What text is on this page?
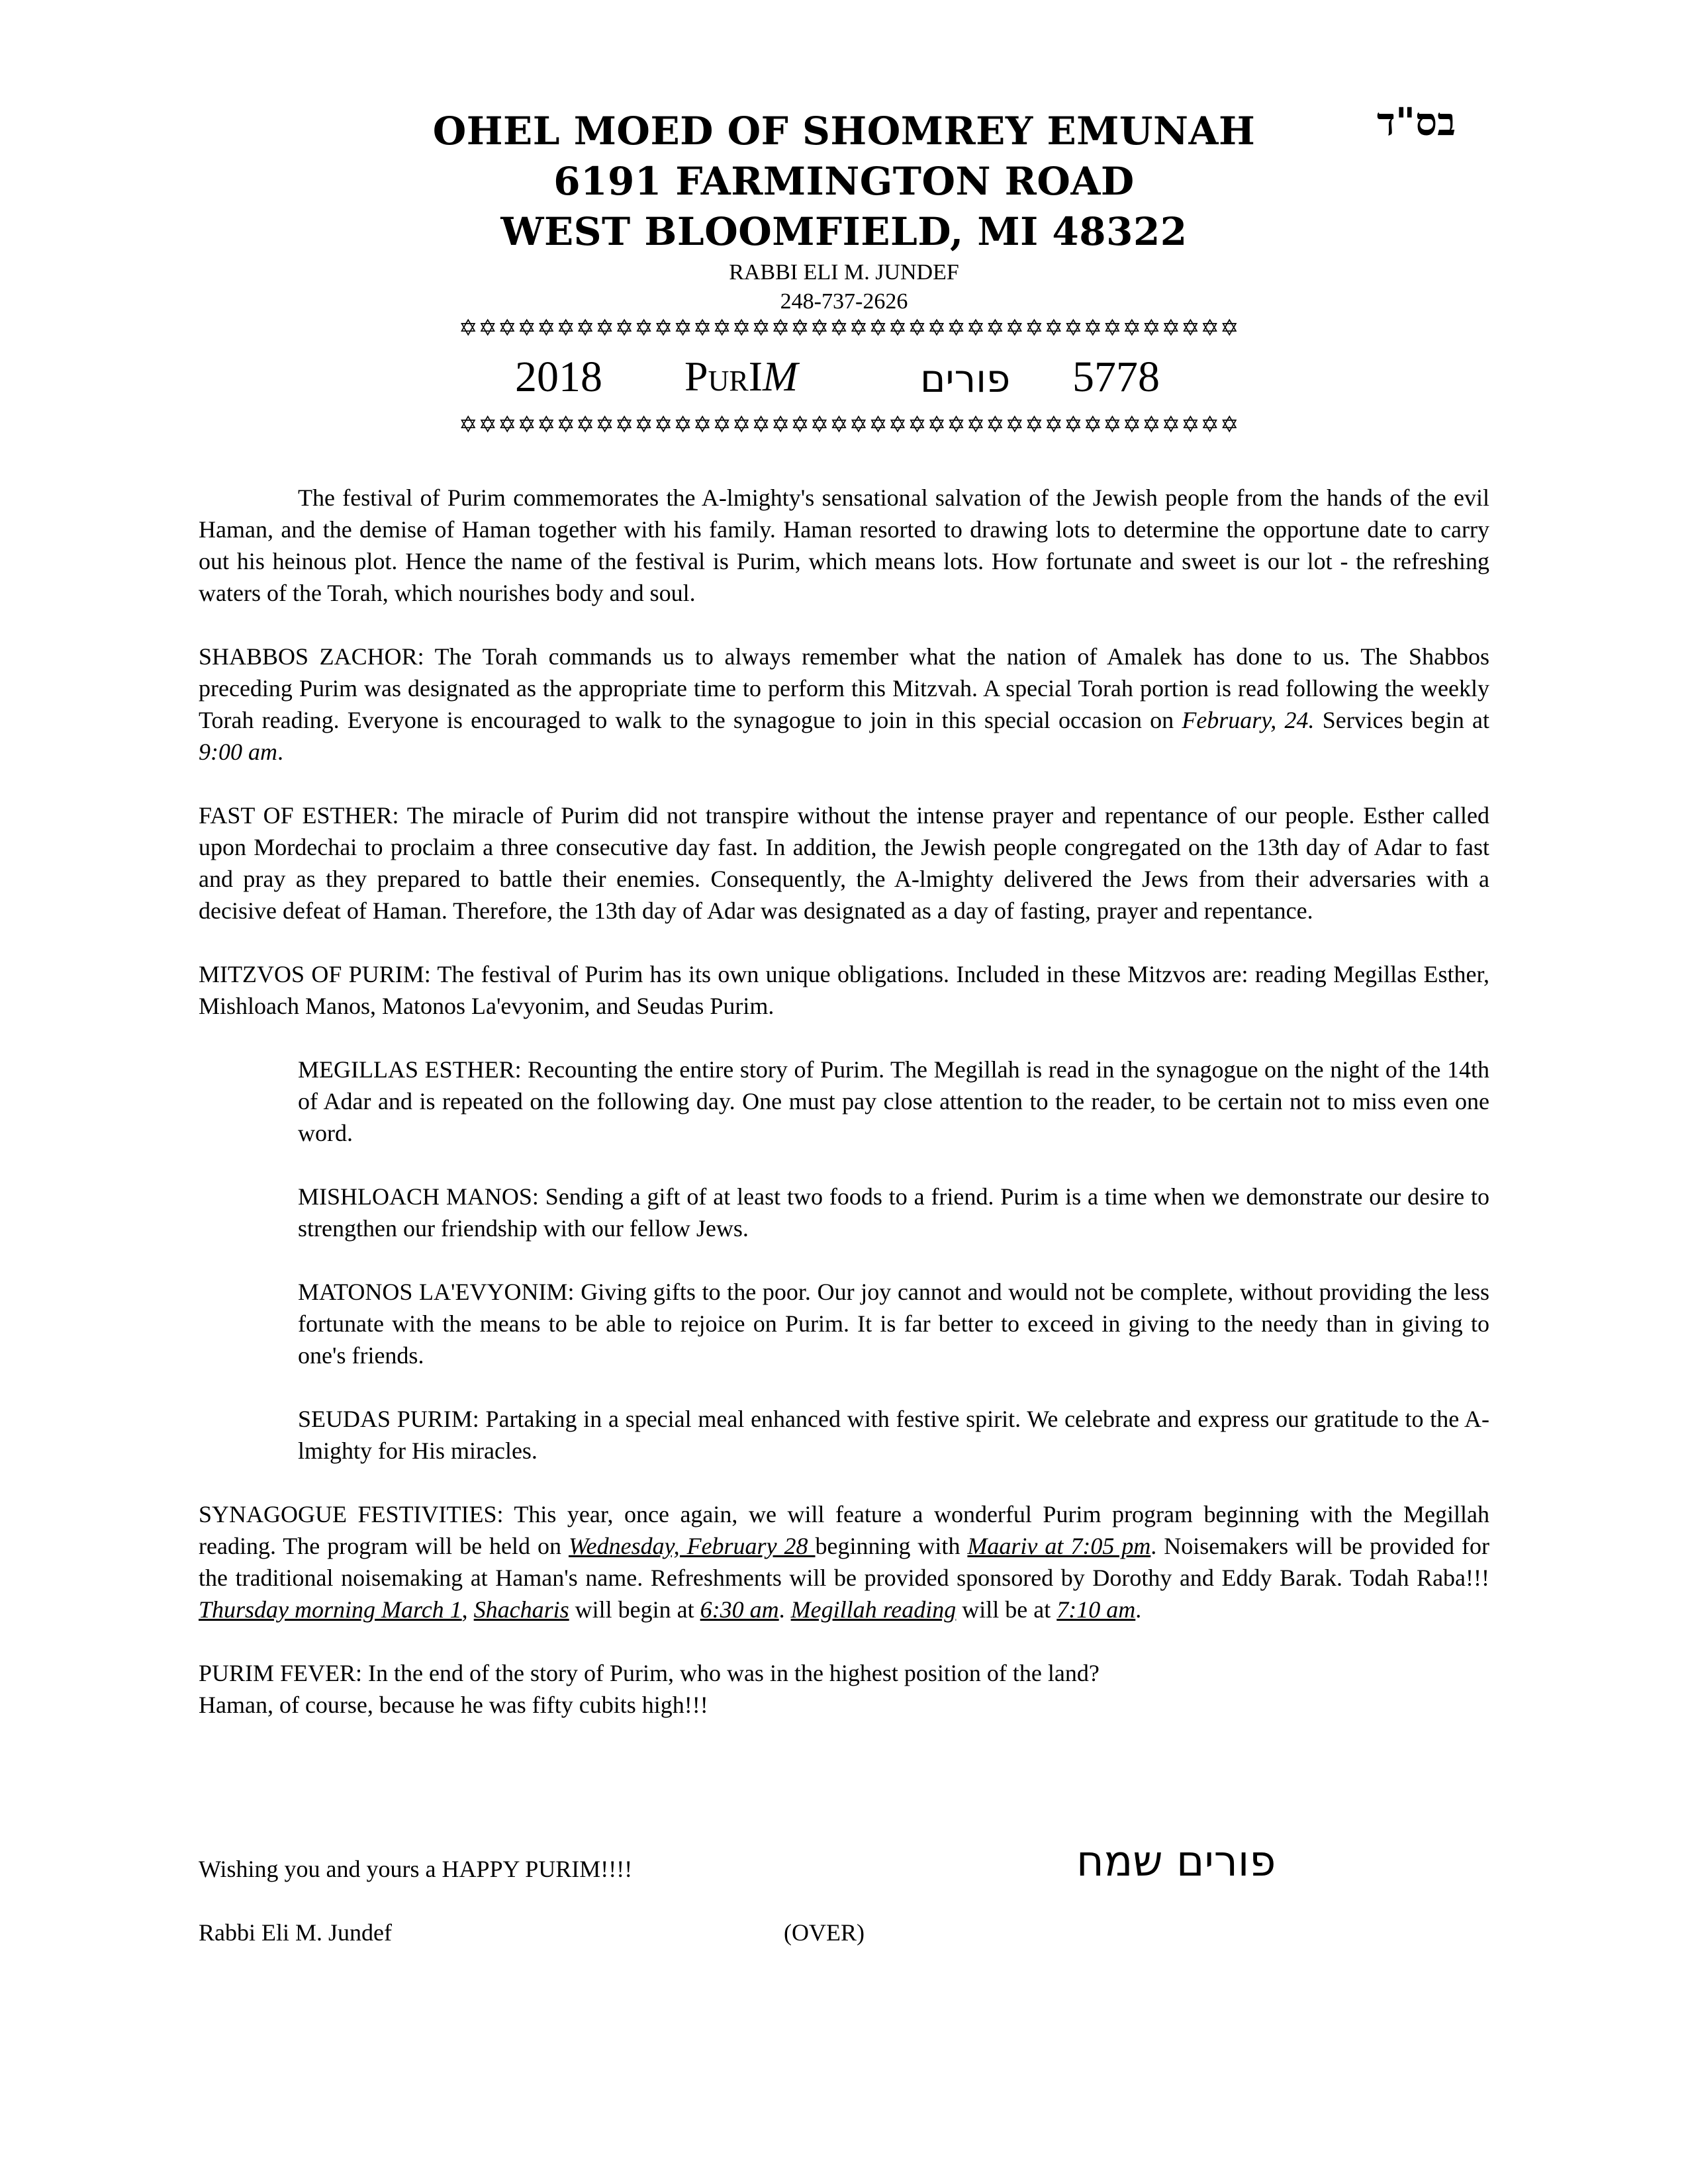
בס"ד
OHEL MOED OF SHOMREY EMUNAH
6191 FARMINGTON ROAD
WEST BLOOMFIELD, MI 48322
RABBI ELI M. JUNDEF
248-737-2626
✡✡✡✡✡✡✡✡✡✡✡✡✡✡✡✡✡✡✡✡✡✡✡✡✡✡✡✡✡✡✡✡✡✡✡✡✡✡✡✡
2018 PURIM	פורים 5778
✡✡✡✡✡✡✡✡✡✡✡✡✡✡✡✡✡✡✡✡✡✡✡✡✡✡✡✡✡✡✡✡✡✡✡✡✡✡✡✡

The festival of Purim commemorates the A-lmighty's sensational salvation of the Jewish people from the hands of the evil Haman, and the demise of Haman together with his family. Haman resorted to drawing lots to determine the opportune date to carry out his heinous plot. Hence the name of the festival is Purim, which means lots. How fortunate and sweet is our lot - the refreshing waters of the Torah, which nourishes body and soul.

SHABBOS ZACHOR: The Torah commands us to always remember what the nation of Amalek has done to us. The Shabbos preceding Purim was designated as the appropriate time to perform this Mitzvah. A special Torah portion is read following the weekly Torah reading. Everyone is encouraged to walk to the synagogue to join in this special occasion on February, 24. Services begin at 9:00 am.

FAST OF ESTHER: The miracle of Purim did not transpire without the intense prayer and repentance of our people. Esther called upon Mordechai to proclaim a three consecutive day fast. In addition, the Jewish people congregated on the 13th day of Adar to fast and pray as they prepared to battle their enemies. Consequently, the A-lmighty delivered the Jews from their adversaries with a decisive defeat of Haman. Therefore, the 13th day of Adar was designated as a day of fasting, prayer and repentance.

MITZVOS OF PURIM: The festival of Purim has its own unique obligations. Included in these Mitzvos are: reading Megillas Esther, Mishloach Manos, Matonos La'evyonim, and Seudas Purim.

MEGILLAS ESTHER: Recounting the entire story of Purim. The Megillah is read in the synagogue on the night of the 14th of Adar and is repeated on the following day. One must pay close attention to the reader, to be certain not to miss even one word.

MISHLOACH MANOS: Sending a gift of at least two foods to a friend. Purim is a time when we demonstrate our desire to strengthen our friendship with our fellow Jews.

MATONOS LA'EVYONIM: Giving gifts to the poor. Our joy cannot and would not be complete, without providing the less fortunate with the means to be able to rejoice on Purim. It is far better to exceed in giving to the needy than in giving to one's friends.

SEUDAS PURIM: Partaking in a special meal enhanced with festive spirit. We celebrate and express our gratitude to the A-lmighty for His miracles.

SYNAGOGUE FESTIVITIES: This year, once again, we will feature a wonderful Purim program beginning with the Megillah reading. The program will be held on Wednesday, February 28 beginning with Maariv at 7:05 pm. Noisemakers will be provided for the traditional noisemaking at Haman's name. Refreshments will be provided sponsored by Dorothy and Eddy Barak. Todah Raba!!! Thursday morning March 1, Shacharis will begin at 6:30 am. Megillah reading will be at 7:10 am.

PURIM FEVER: In the end of the story of Purim, who was in the highest position of the land?
Haman, of course, because he was fifty cubits high!!!

Wishing you and yours a HAPPY PURIM!!!!	פורים שמח
Rabbi Eli M. Jundef	(OVER)
